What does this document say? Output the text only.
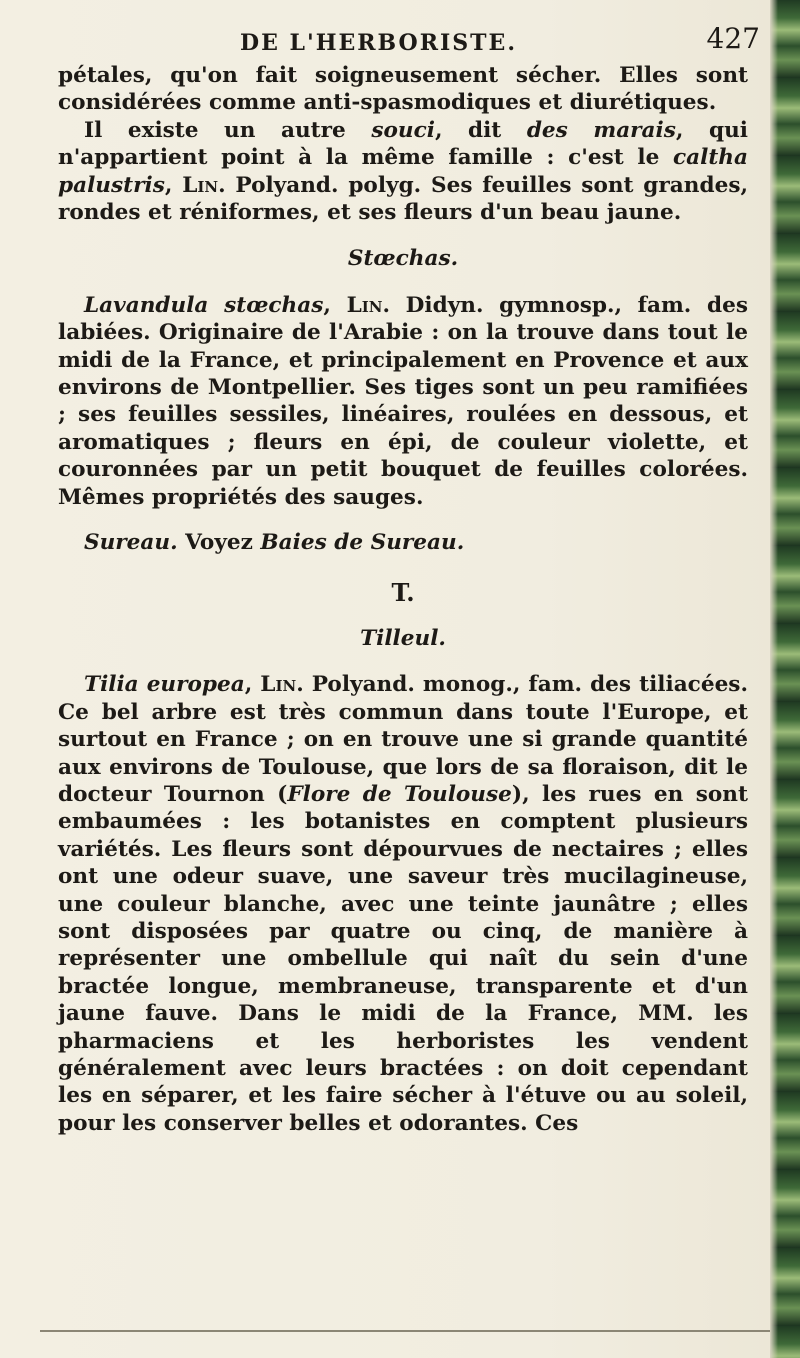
DE L'HERBORISTE.	427

pétales, qu'on fait soigneusement sécher. Elles sont considérées comme anti-spasmodiques et diurétiques.

Il existe un autre souci, dit des marais, qui n'appartient point à la même famille : c'est le caltha palustris, Lin. Polyand. polyg. Ses feuilles sont grandes, rondes et réniformes, et ses fleurs d'un beau jaune.

Stœchas.

Lavandula stœchas, Lin. Didyn. gymnosp., fam. des labiées. Originaire de l'Arabie : on la trouve dans tout le midi de la France, et principalement en Provence et aux environs de Montpellier. Ses tiges sont un peu ramifiées ; ses feuilles sessiles, linéaires, roulées en dessous, et aromatiques ; fleurs en épi, de couleur violette, et couronnées par un petit bouquet de feuilles colorées. Mêmes propriétés des sauges.

Sureau. Voyez Baies de Sureau.

T.

Tilleul.

Tilia europea, Lin. Polyand. monog., fam. des tiliacées. Ce bel arbre est très commun dans toute l'Europe, et surtout en France ; on en trouve une si grande quantité aux environs de Toulouse, que lors de sa floraison, dit le docteur Tournon (Flore de Toulouse), les rues en sont embaumées : les botanistes en comptent plusieurs variétés. Les fleurs sont dépourvues de nectaires ; elles ont une odeur suave, une saveur très mucilagineuse, une couleur blanche, avec une teinte jaunâtre ; elles sont disposées par quatre ou cinq, de manière à représenter une ombellule qui naît du sein d'une bractée longue, membraneuse, transparente et d'un jaune fauve. Dans le midi de la France, MM. les pharmaciens et les herboristes les vendent généralement avec leurs bractées : on doit cependant les en séparer, et les faire sécher à l'étuve ou au soleil, pour les conserver belles et odorantes. Ces
